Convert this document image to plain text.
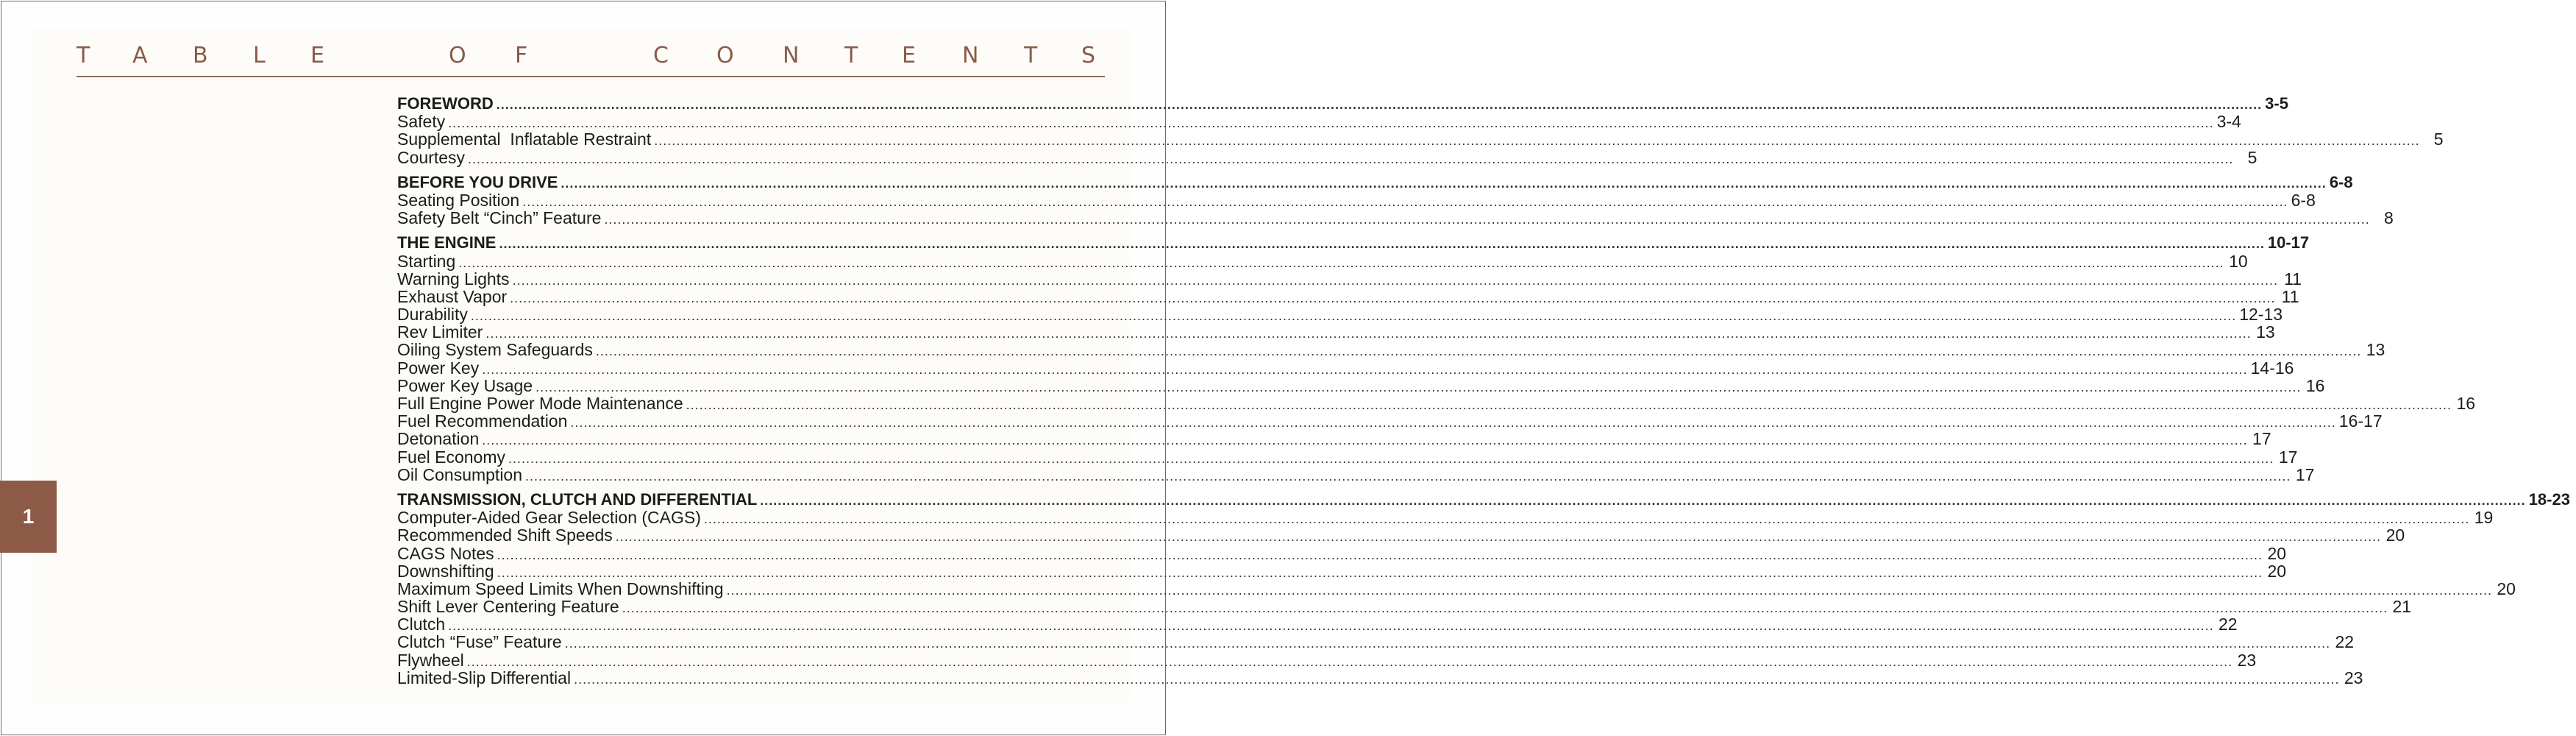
T A B L E	O F	C O N T E N T S
1
FOREWORD ................................................................................................................................................................................................................................................................................................................................................................................................................ 3-5
Safety ................................................................................................................................................................................................................................................................................................................................................................................................................ 3-4
Supplemental  Inflatable Restraint ................................................................................................................................................................................................................................................................................................................................................................................................................ 5
Courtesy ................................................................................................................................................................................................................................................................................................................................................................................................................ 5
BEFORE YOU DRIVE ................................................................................................................................................................................................................................................................................................................................................................................................................ 6-8
Seating Position ................................................................................................................................................................................................................................................................................................................................................................................................................ 6-8
Safety Belt “Cinch” Feature ................................................................................................................................................................................................................................................................................................................................................................................................................ 8
THE ENGINE ................................................................................................................................................................................................................................................................................................................................................................................................................ 10-17
Starting ................................................................................................................................................................................................................................................................................................................................................................................................................ 10
Warning Lights ................................................................................................................................................................................................................................................................................................................................................................................................................ 11
Exhaust Vapor ................................................................................................................................................................................................................................................................................................................................................................................................................ 11
Durability ................................................................................................................................................................................................................................................................................................................................................................................................................ 12-13
Rev Limiter ................................................................................................................................................................................................................................................................................................................................................................................................................ 13
Oiling System Safeguards ................................................................................................................................................................................................................................................................................................................................................................................................................ 13
Power Key ................................................................................................................................................................................................................................................................................................................................................................................................................ 14-16
Power Key Usage ................................................................................................................................................................................................................................................................................................................................................................................................................ 16
Full Engine Power Mode Maintenance ................................................................................................................................................................................................................................................................................................................................................................................................................ 16
Fuel Recommendation ................................................................................................................................................................................................................................................................................................................................................................................................................ 16-17
Detonation ................................................................................................................................................................................................................................................................................................................................................................................................................ 17
Fuel Economy ................................................................................................................................................................................................................................................................................................................................................................................................................ 17
Oil Consumption ................................................................................................................................................................................................................................................................................................................................................................................................................ 17
TRANSMISSION, CLUTCH AND DIFFERENTIAL ................................................................................................................................................................................................................................................................................................................................................................................................................ 18-23
Computer-Aided Gear Selection (CAGS) ................................................................................................................................................................................................................................................................................................................................................................................................................ 19
Recommended Shift Speeds ................................................................................................................................................................................................................................................................................................................................................................................................................ 20
CAGS Notes ................................................................................................................................................................................................................................................................................................................................................................................................................ 20
Downshifting ................................................................................................................................................................................................................................................................................................................................................................................................................ 20
Maximum Speed Limits When Downshifting ................................................................................................................................................................................................................................................................................................................................................................................................................ 20
Shift Lever Centering Feature ................................................................................................................................................................................................................................................................................................................................................................................................................ 21
Clutch ................................................................................................................................................................................................................................................................................................................................................................................................................ 22
Clutch “Fuse” Feature ................................................................................................................................................................................................................................................................................................................................................................................................................ 22
Flywheel ................................................................................................................................................................................................................................................................................................................................................................................................................ 23
Limited-Slip Differential ................................................................................................................................................................................................................................................................................................................................................................................................................ 23
